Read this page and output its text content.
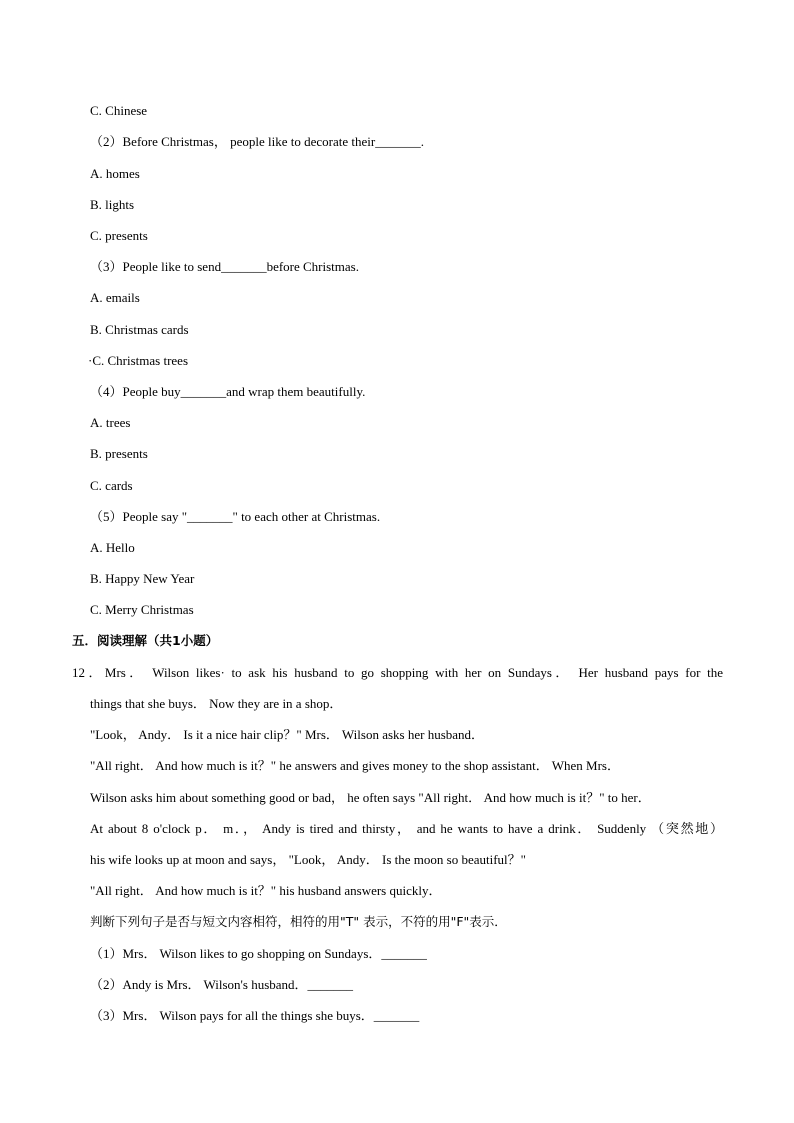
C. Chinese
（2）Before Christmas， people like to decorate their_______.
A. homes
B. lights
C. presents
（3）People like to send_______before Christmas.
A. emails
B. Christmas cards
·C. Christmas trees
（4）People buy_______and wrap them beautifully.
A. trees
B. presents
C. cards
（5）People say "_______" to each other at Christmas.
A. Hello
B. Happy New Year
C. Merry Christmas
五．阅读理解（共1小题）
12．Mrs． Wilson likes· to ask his husband to go shopping with her on Sundays． Her husband pays for the
things that she buys． Now they are in a shop．
"Look， Andy． Is it a nice hair clip？" Mrs． Wilson asks her husband．
"All right． And how much is it？" he answers and gives money to the shop assistant． When Mrs．
Wilson asks him about something good or bad， he often says "All right． And how much is it？" to her．
At about 8 o'clock p． m．， Andy is tired and thirsty， and he wants to have a drink． Suddenly （突然地）
his wife looks up at moon and says， "Look， Andy． Is the moon so beautiful？"
"All right． And how much is it？" his husband answers quickly．
判断下列句子是否与短文内容相符，相符的用"T" 表示，不符的用"F"表示．
（1）Mrs． Wilson likes to go shopping on Sundays．_______
（2）Andy is Mrs． Wilson's husband．_______
（3）Mrs． Wilson pays for all the things she buys．_______
